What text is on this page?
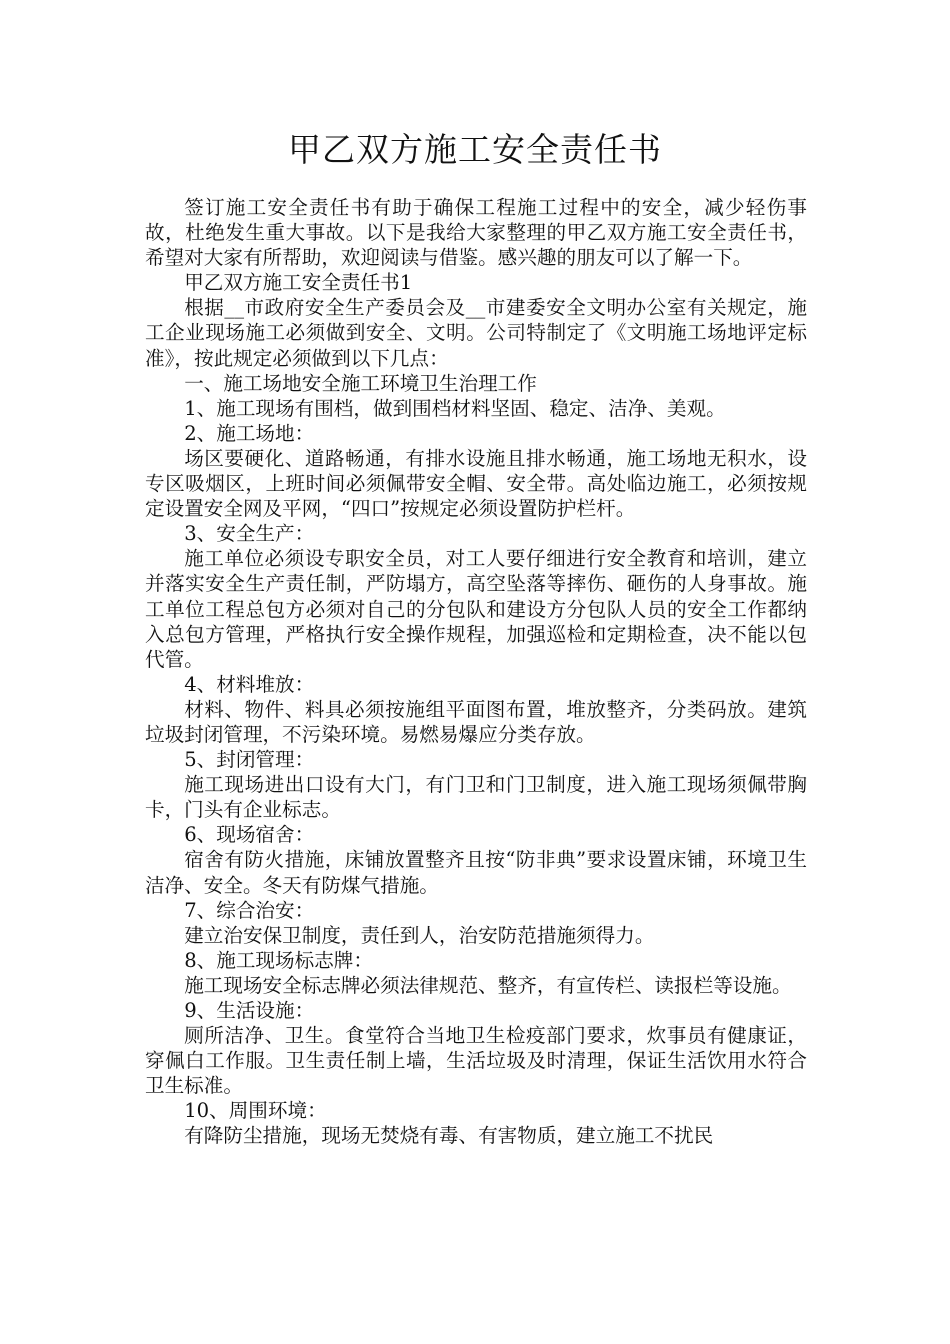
甲乙双方施工安全责任书

签订施工安全责任书有助于确保工程施工过程中的安全，减少轻伤事故，杜绝发生重大事故。以下是我给大家整理的甲乙双方施工安全责任书，希望对大家有所帮助，欢迎阅读与借鉴。感兴趣的朋友可以了解一下。

甲乙双方施工安全责任书1

根据__市政府安全生产委员会及__市建委安全文明办公室有关规定，施工企业现场施工必须做到安全、文明。公司特制定了《文明施工场地评定标准》，按此规定必须做到以下几点：

一、施工场地安全施工环境卫生治理工作

1、施工现场有围档，做到围档材料坚固、稳定、洁净、美观。

2、施工场地：

场区要硬化、道路畅通，有排水设施且排水畅通，施工场地无积水，设专区吸烟区，上班时间必须佩带安全帽、安全带。高处临边施工，必须按规定设置安全网及平网，“四口”按规定必须设置防护栏杆。

3、安全生产：

施工单位必须设专职安全员，对工人要仔细进行安全教育和培训，建立并落实安全生产责任制，严防塌方，高空坠落等摔伤、砸伤的人身事故。施工单位工程总包方必须对自己的分包队和建设方分包队人员的安全工作都纳入总包方管理，严格执行安全操作规程，加强巡检和定期检查，决不能以包代管。

4、材料堆放：

材料、物件、料具必须按施组平面图布置，堆放整齐，分类码放。建筑垃圾封闭管理，不污染环境。易燃易爆应分类存放。

5、封闭管理：

施工现场进出口设有大门，有门卫和门卫制度，进入施工现场须佩带胸卡，门头有企业标志。

6、现场宿舍：

宿舍有防火措施，床铺放置整齐且按“防非典”要求设置床铺，环境卫生洁净、安全。冬天有防煤气措施。

7、综合治安：

建立治安保卫制度，责任到人，治安防范措施须得力。

8、施工现场标志牌：

施工现场安全标志牌必须法律规范、整齐，有宣传栏、读报栏等设施。

9、生活设施：

厕所洁净、卫生。食堂符合当地卫生检疫部门要求，炊事员有健康证，穿佩白工作服。卫生责任制上墙，生活垃圾及时清理，保证生活饮用水符合卫生标准。

10、周围环境：

有降防尘措施，现场无焚烧有毒、有害物质，建立施工不扰民
